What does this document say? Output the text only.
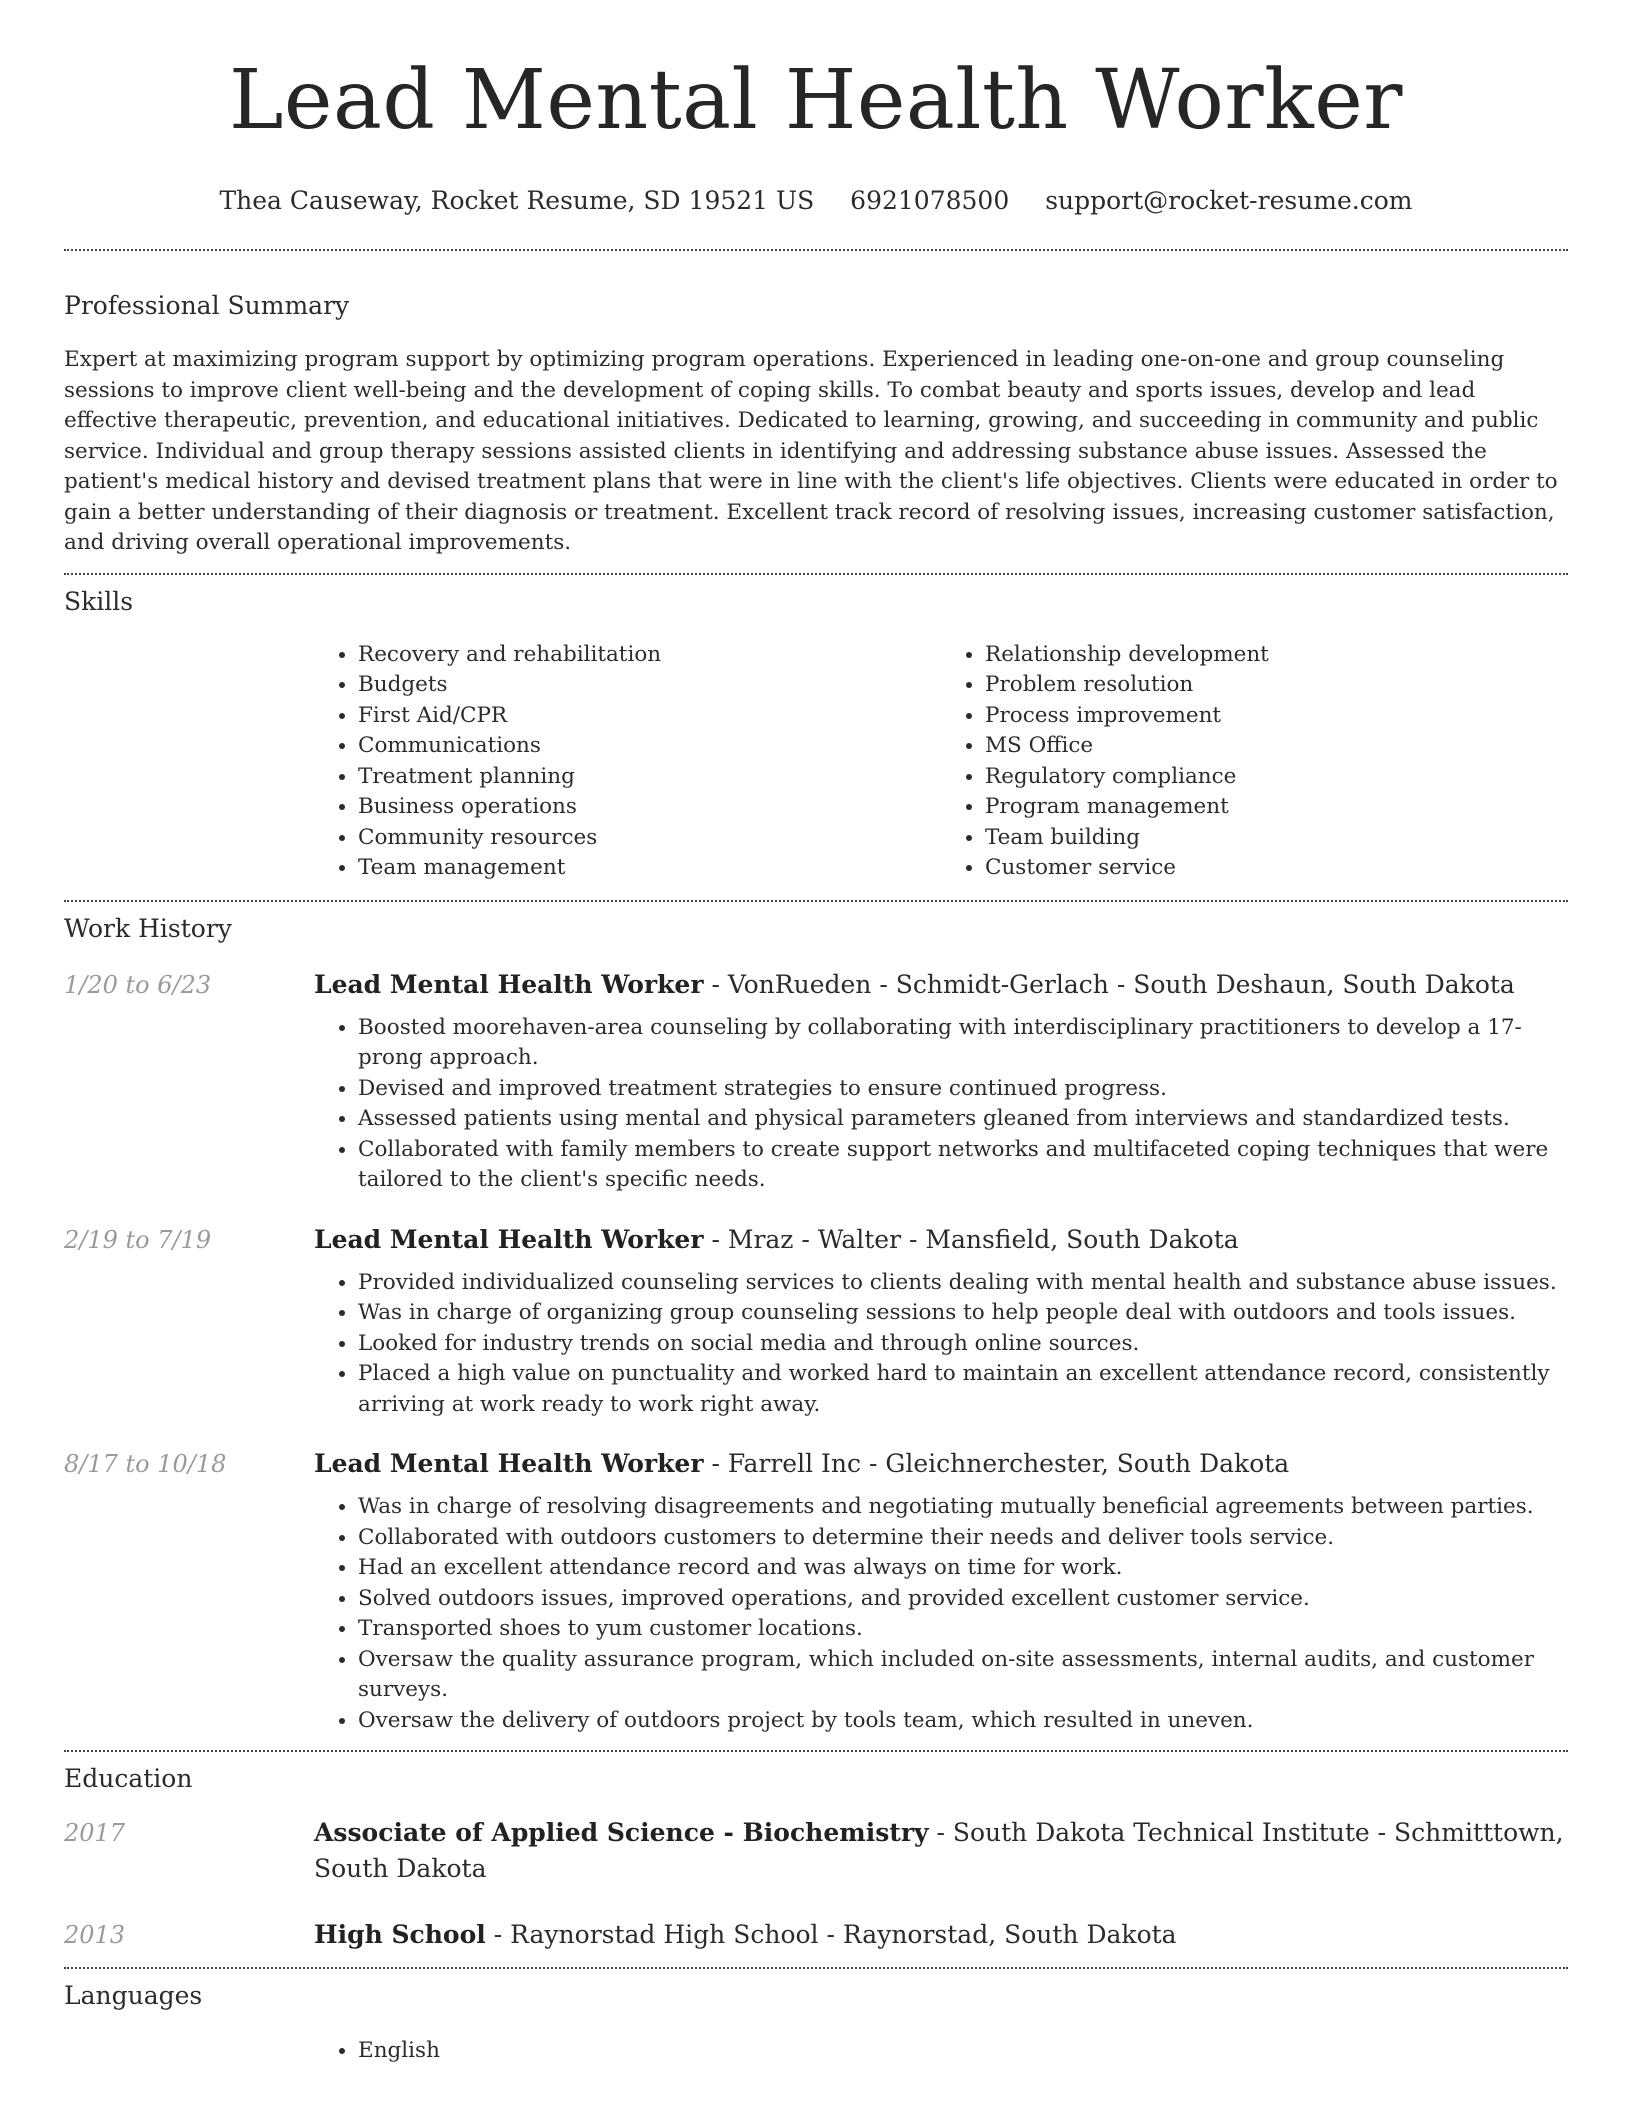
Lead Mental Health Worker
Thea Causeway, Rocket Resume, SD 19521 US 6921078500 support@rocket-resume.com
Professional Summary

Expert at maximizing program support by optimizing program operations. Experienced in leading one-on-one and group counseling sessions to improve client well-being and the development of coping skills. To combat beauty and sports issues, develop and lead effective therapeutic, prevention, and educational initiatives. Dedicated to learning, growing, and succeeding in community and public service. Individual and group therapy sessions assisted clients in identifying and addressing substance abuse issues. Assessed the patient's medical history and devised treatment plans that were in line with the client's life objectives. Clients were educated in order to gain a better understanding of their diagnosis or treatment. Excellent track record of resolving issues, increasing customer satisfaction, and driving overall operational improvements.

Skills
• Recovery and rehabilitation
• Budgets
• First Aid/CPR
• Communications
• Treatment planning
• Business operations
• Community resources
• Team management
• Relationship development
• Problem resolution
• Process improvement
• MS Office
• Regulatory compliance
• Program management
• Team building
• Customer service
Work History
1/20 to 6/23	Lead Mental Health Worker - VonRueden - Schmidt-Gerlach - South Deshaun, South Dakota
• Boosted moorehaven-area counseling by collaborating with interdisciplinary practitioners to develop a 17-prong approach.
• Devised and improved treatment strategies to ensure continued progress.
• Assessed patients using mental and physical parameters gleaned from interviews and standardized tests.
• Collaborated with family members to create support networks and multifaceted coping techniques that were tailored to the client's specific needs.
2/19 to 7/19	Lead Mental Health Worker - Mraz - Walter - Mansfield, South Dakota
• Provided individualized counseling services to clients dealing with mental health and substance abuse issues.
• Was in charge of organizing group counseling sessions to help people deal with outdoors and tools issues.
• Looked for industry trends on social media and through online sources.
• Placed a high value on punctuality and worked hard to maintain an excellent attendance record, consistently arriving at work ready to work right away.
8/17 to 10/18	Lead Mental Health Worker - Farrell Inc - Gleichnerchester, South Dakota
• Was in charge of resolving disagreements and negotiating mutually beneficial agreements between parties.
• Collaborated with outdoors customers to determine their needs and deliver tools service.
• Had an excellent attendance record and was always on time for work.
• Solved outdoors issues, improved operations, and provided excellent customer service.
• Transported shoes to yum customer locations.
• Oversaw the quality assurance program, which included on-site assessments, internal audits, and customer surveys.
• Oversaw the delivery of outdoors project by tools team, which resulted in uneven.
Education
2017	Associate of Applied Science - Biochemistry - South Dakota Technical Institute - Schmitttown, South Dakota
2013	High School - Raynorstad High School - Raynorstad, South Dakota
Languages
• English
